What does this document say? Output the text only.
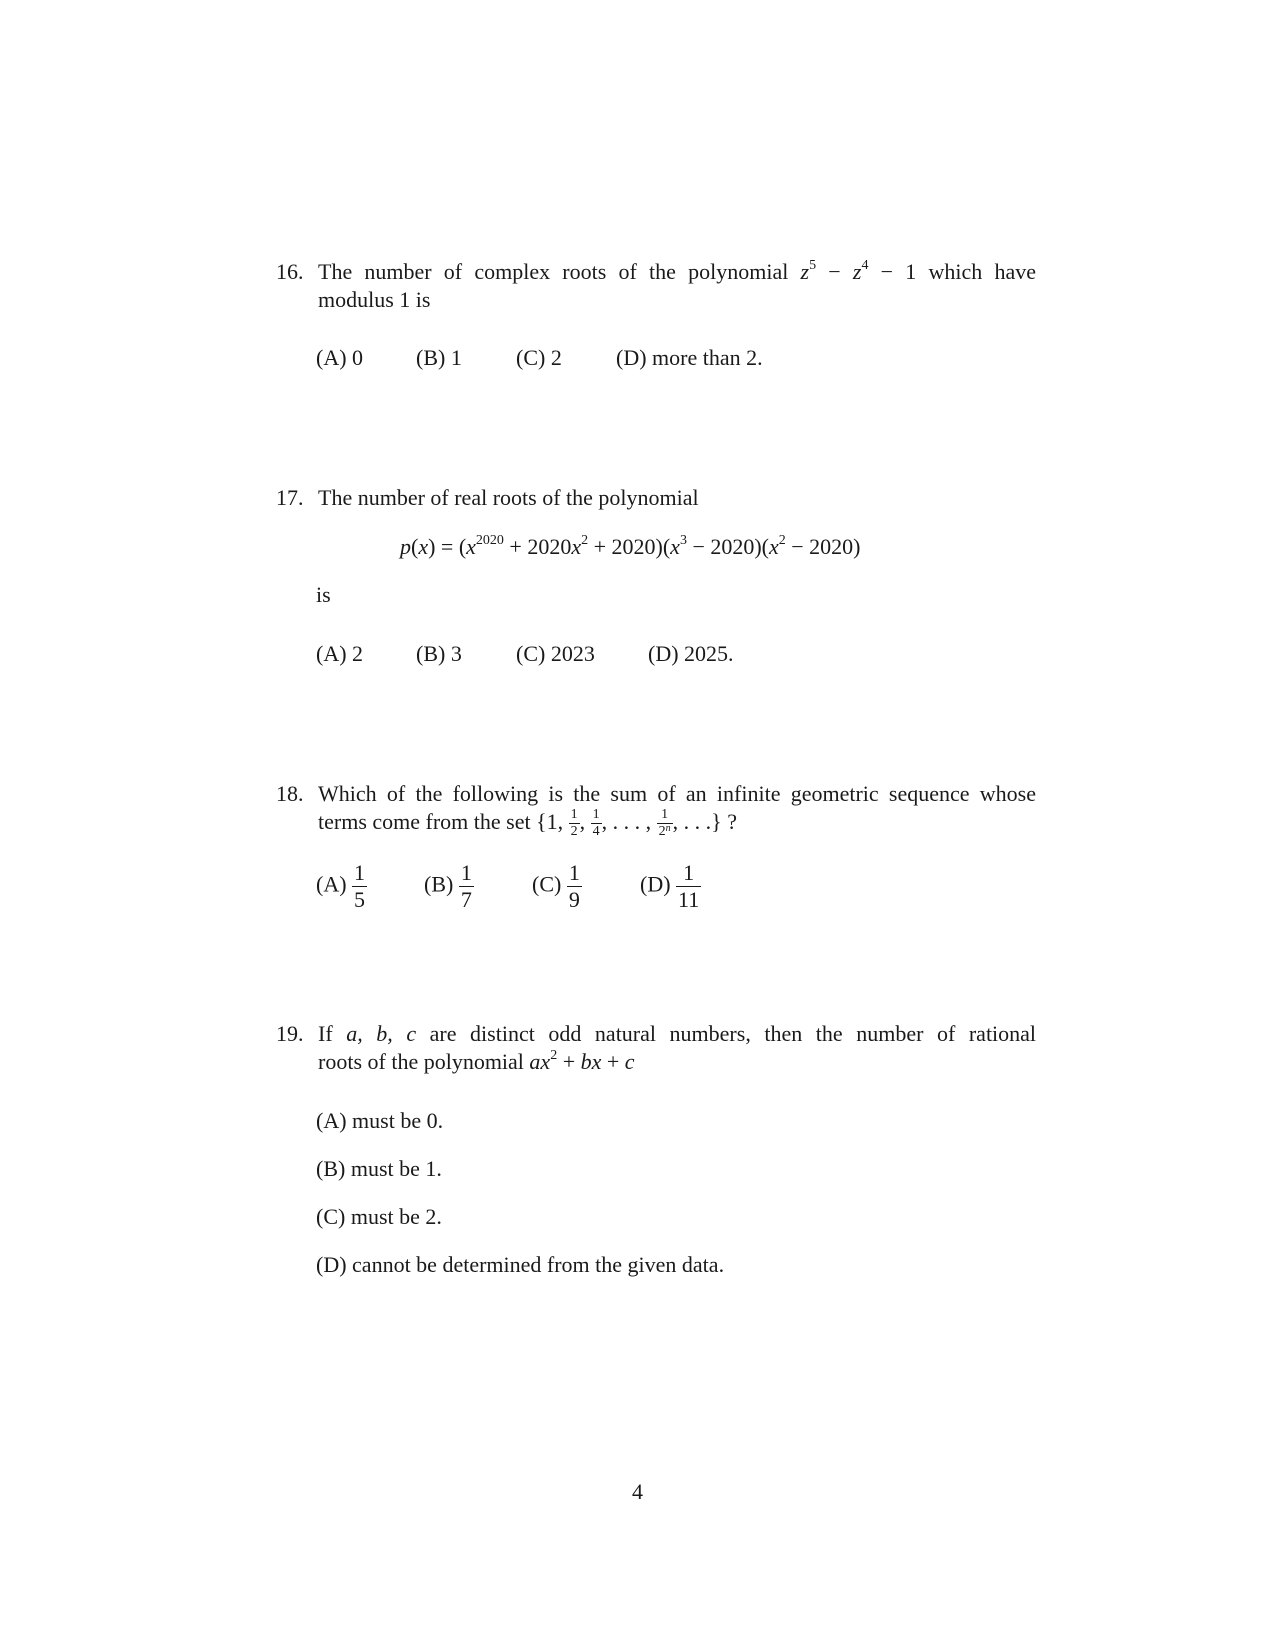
16. The number of complex roots of the polynomial $z^5 - z^4 - 1$ which have
modulus 1 is
(A) 0 (B) 1 (C) 2 (D) more than 2.
17. The number of real roots of the polynomial
$p(x) = (x^{2020} + 2020x^2 + 2020)(x^3 - 2020)(x^2 - 2020)$
is
(A) 2 (B) 3 (C) 2023 (D) 2025.
18. Which of the following is the sum of an infinite geometric sequence whose
terms come from the set {1, $\frac{1}{2}$ , $\frac{1}{4}$ , . . . , $\frac{1}{2^n}$ , . . .} ?
$(A) \frac{1}{5}$	$(B) \frac{1}{7}$	$(C) \frac{1}{9}$	$(D) \frac{1}{11}$
19. If a, b, c are distinct odd natural numbers, then the number of rational
roots of the polynomial $ax^2$ + bx + c
(A) must be 0.
(B) must be 1.
(C) must be 2.
(D) cannot be determined from the given data.
4
